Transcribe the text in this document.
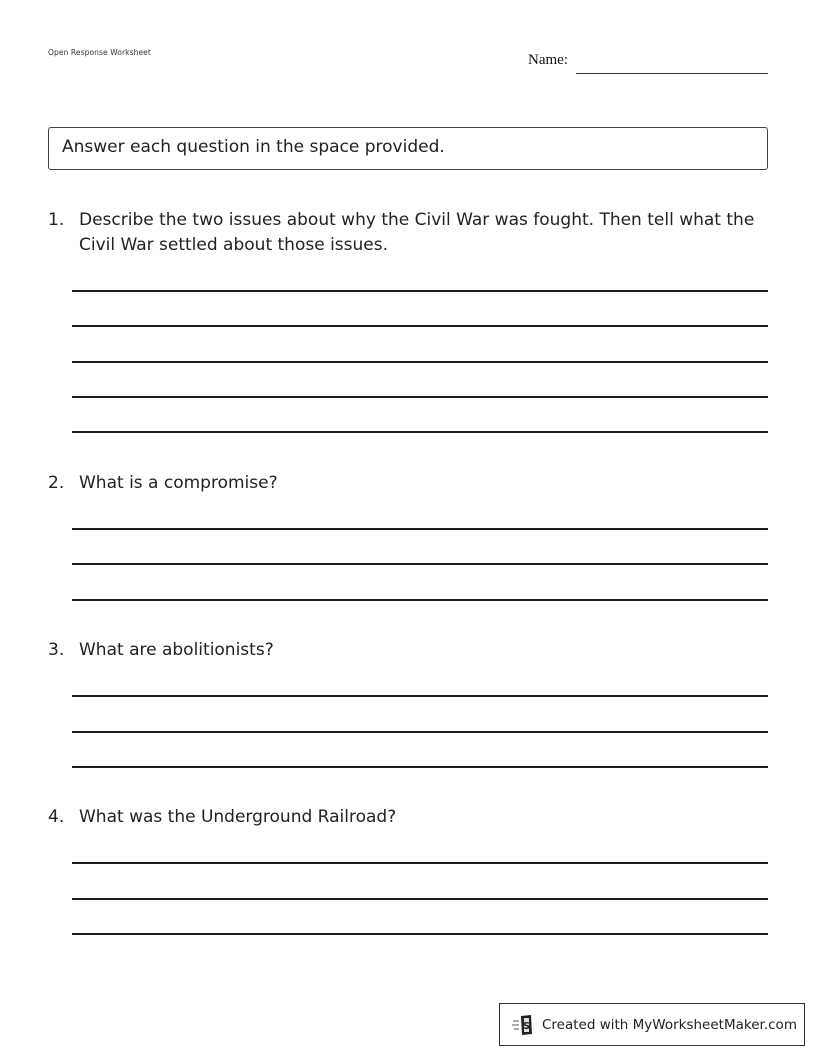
Open Response Worksheet	Name:
Answer each question in the space provided.
1. Describe the two issues about why the Civil War was fought. Then tell what the Civil War settled about those issues.
2. What is a compromise?
3. What are abolitionists?
4. What was the Underground Railroad?
S Created with MyWorksheetMaker.com
